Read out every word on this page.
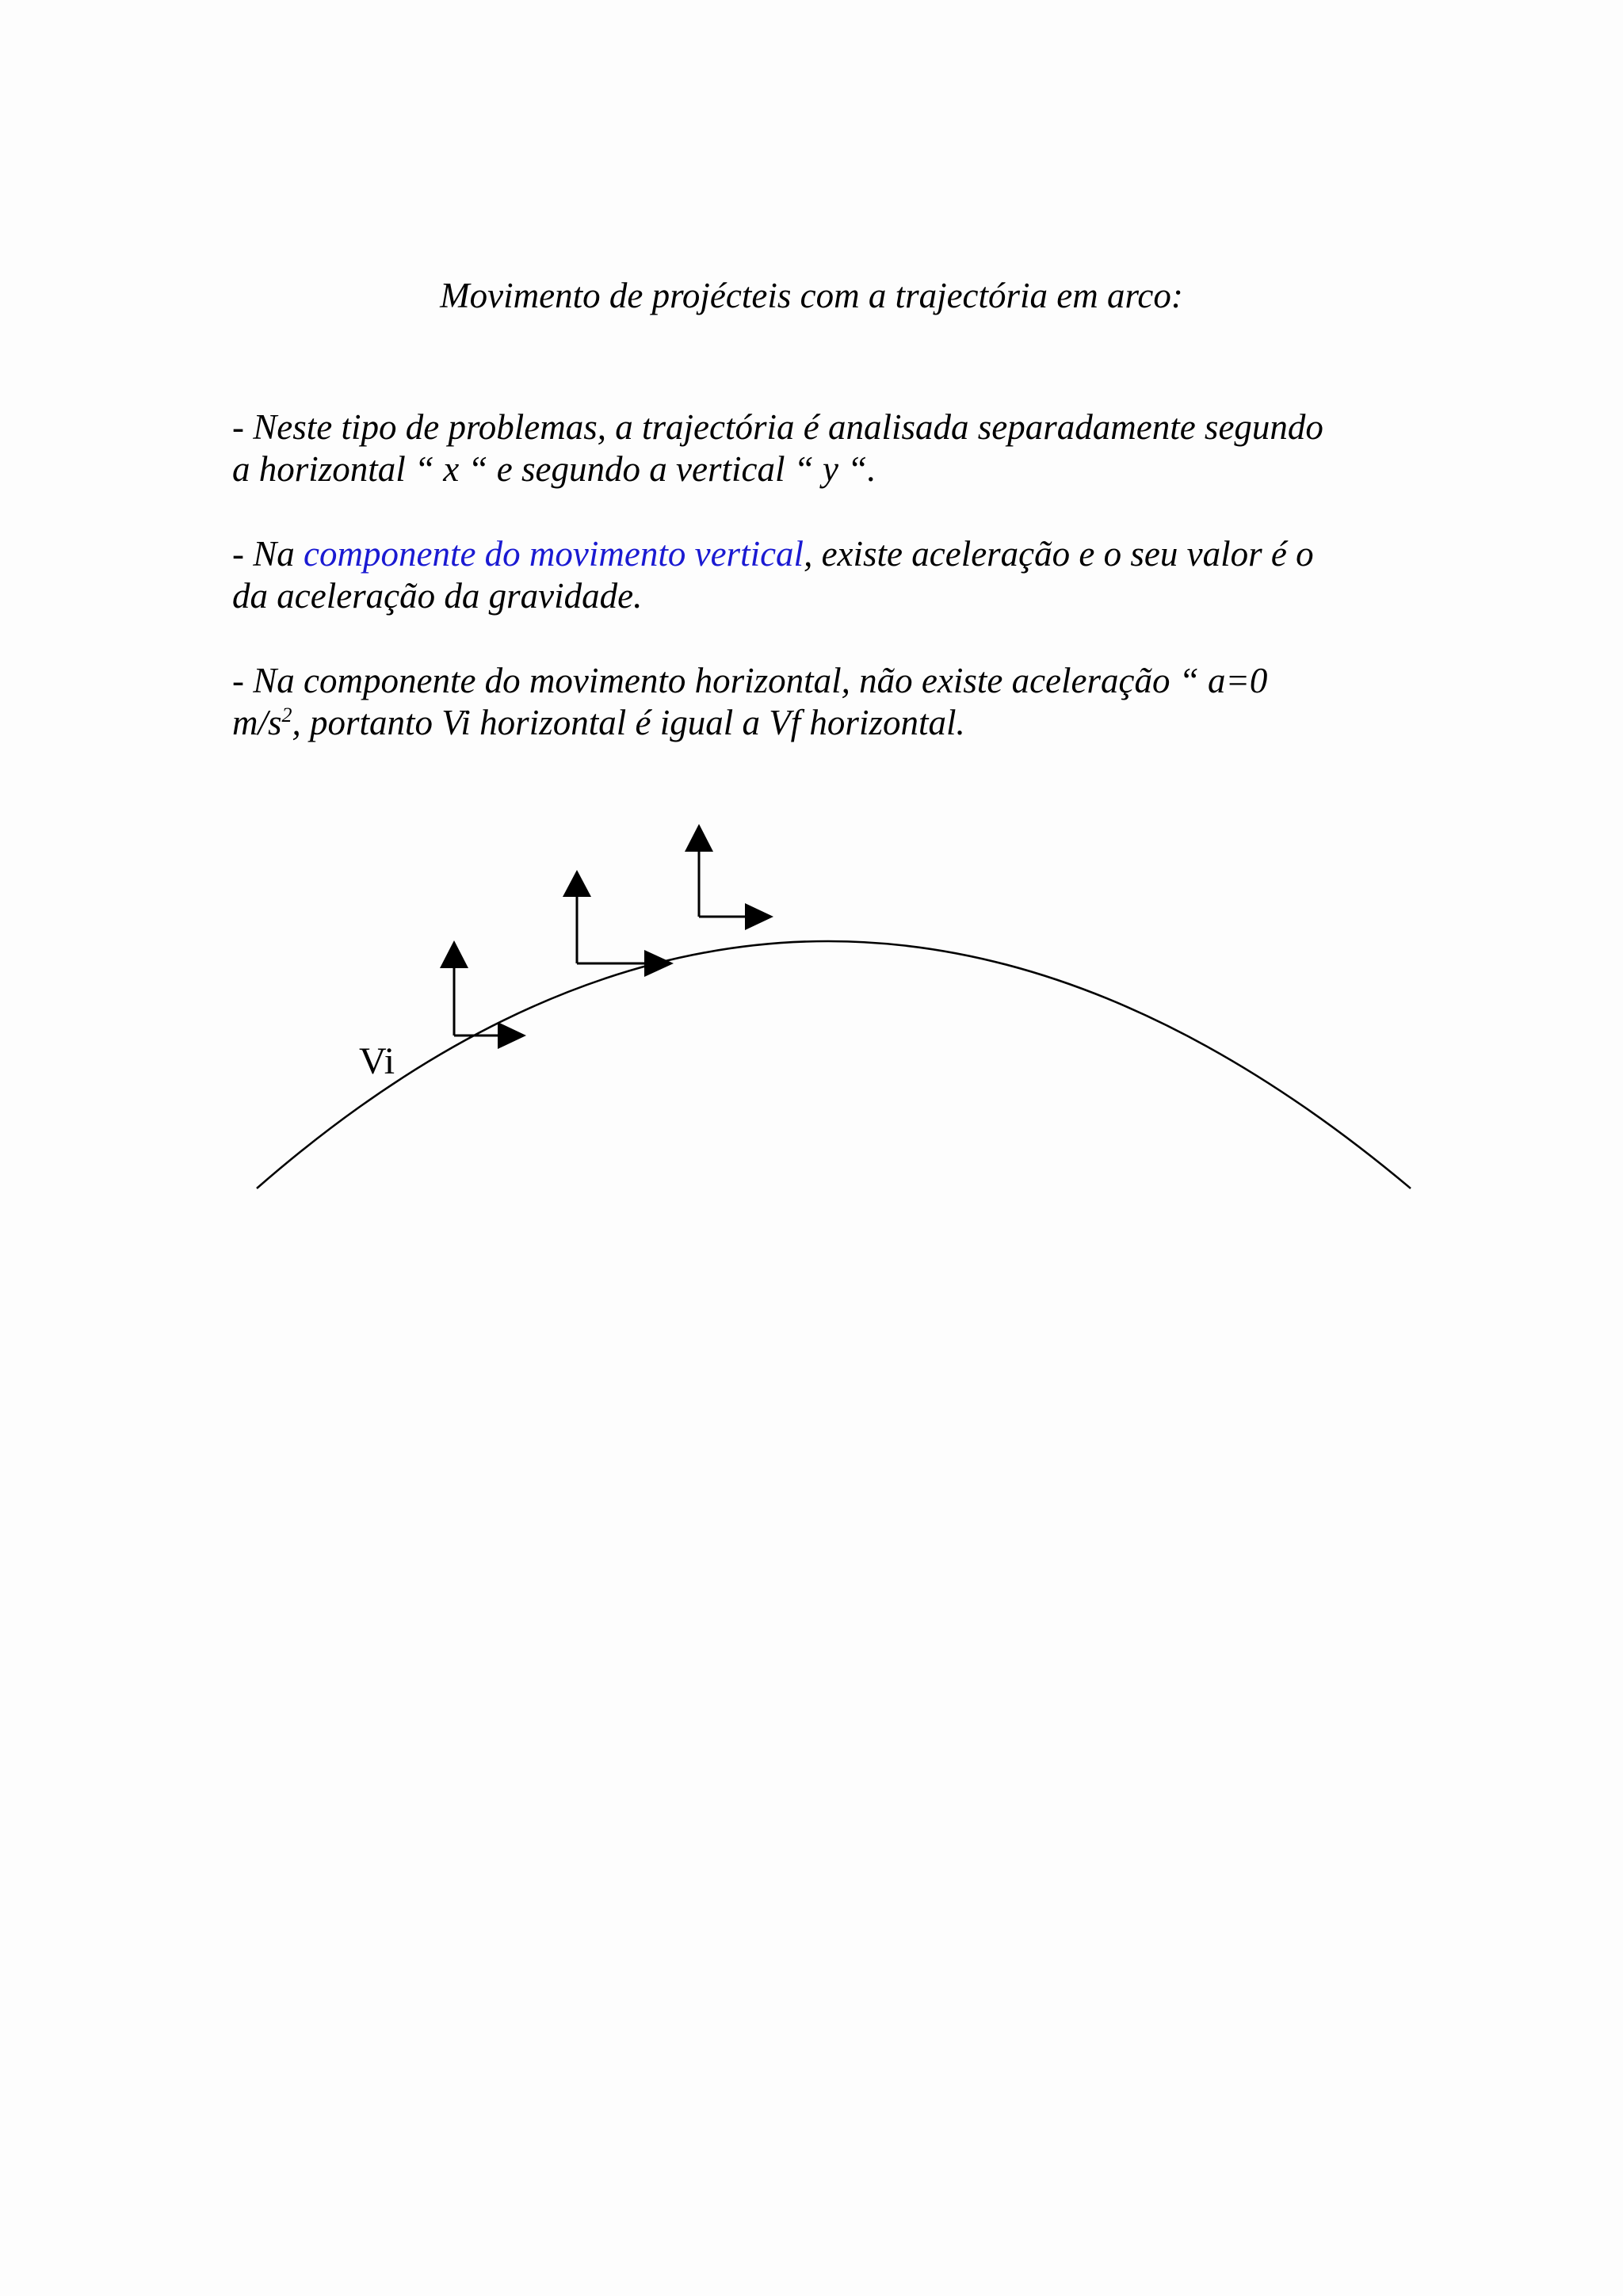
Movimento de projécteis com a trajectória em arco:
- Neste tipo de problemas, a trajectória é analisada separadamente segundo
a horizontal “ x “ e segundo a vertical “ y “.
- Na componente do movimento vertical, existe aceleração e o seu valor é o
da aceleração da gravidade.
- Na componente do movimento horizontal, não existe aceleração “ a=0
$m/s^2$, portanto Vi horizontal é igual a Vf horizontal.
Vi
